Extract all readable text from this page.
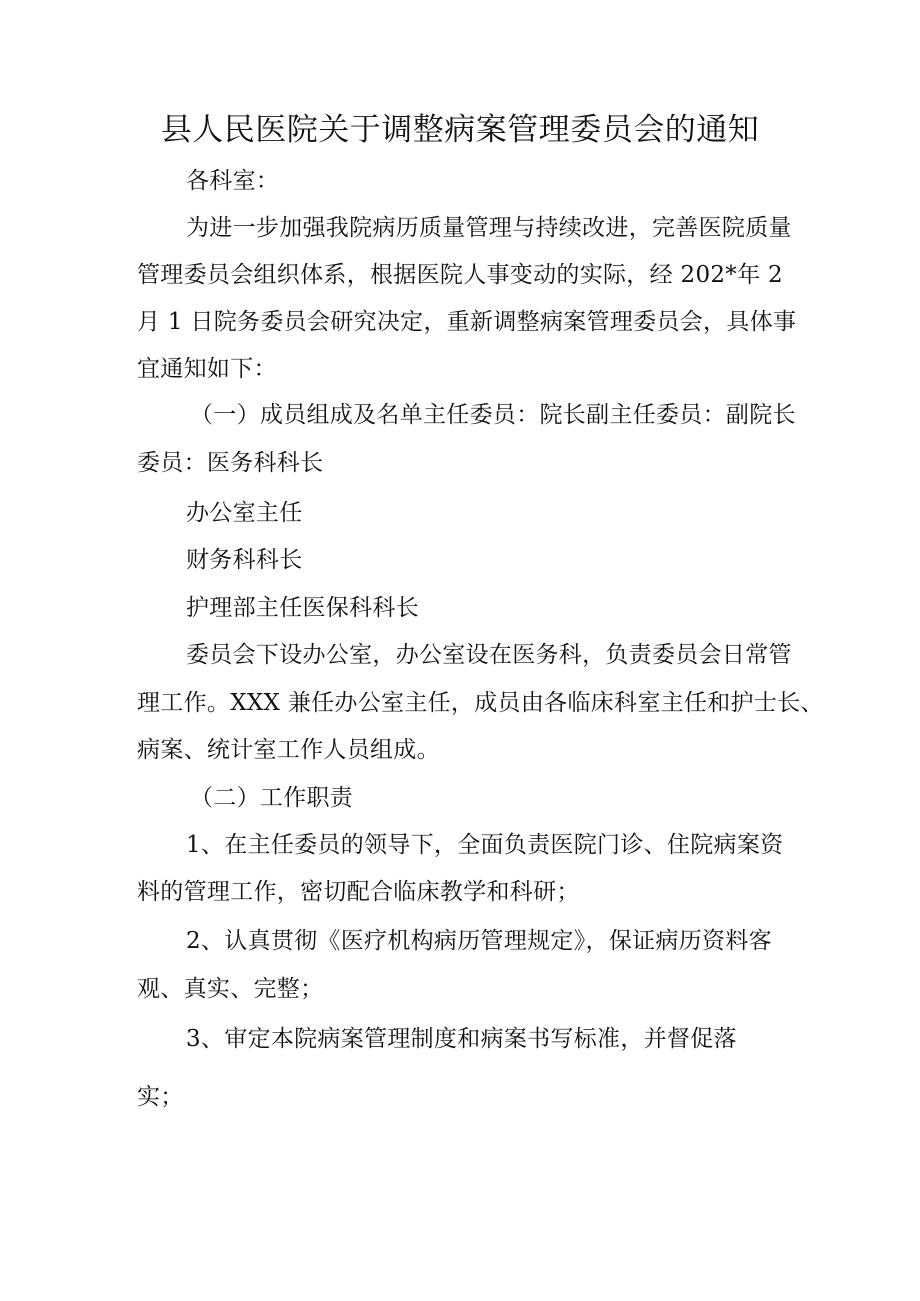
县人民医院关于调整病案管理委员会的通知
各科室：
为进一步加强我院病历质量管理与持续改进，完善医院质量
管理委员会组织体系，根据医院人事变动的实际，经 202*年 2
月 1 日院务委员会研究决定，重新调整病案管理委员会，具体事
宜通知如下：
（一）成员组成及名单主任委员：院长副主任委员：副院长
委员：医务科科长
办公室主任
财务科科长
护理部主任医保科科长
委员会下设办公室，办公室设在医务科，负责委员会日常管
理工作。XXX 兼任办公室主任，成员由各临床科室主任和护士长、
病案、统计室工作人员组成。
（二）工作职责
1、在主任委员的领导下，全面负责医院门诊、住院病案资
料的管理工作，密切配合临床教学和科研；
2、认真贯彻《医疗机构病历管理规定》，保证病历资料客
观、真实、完整；
3、审定本院病案管理制度和病案书写标准，并督促落
实；
